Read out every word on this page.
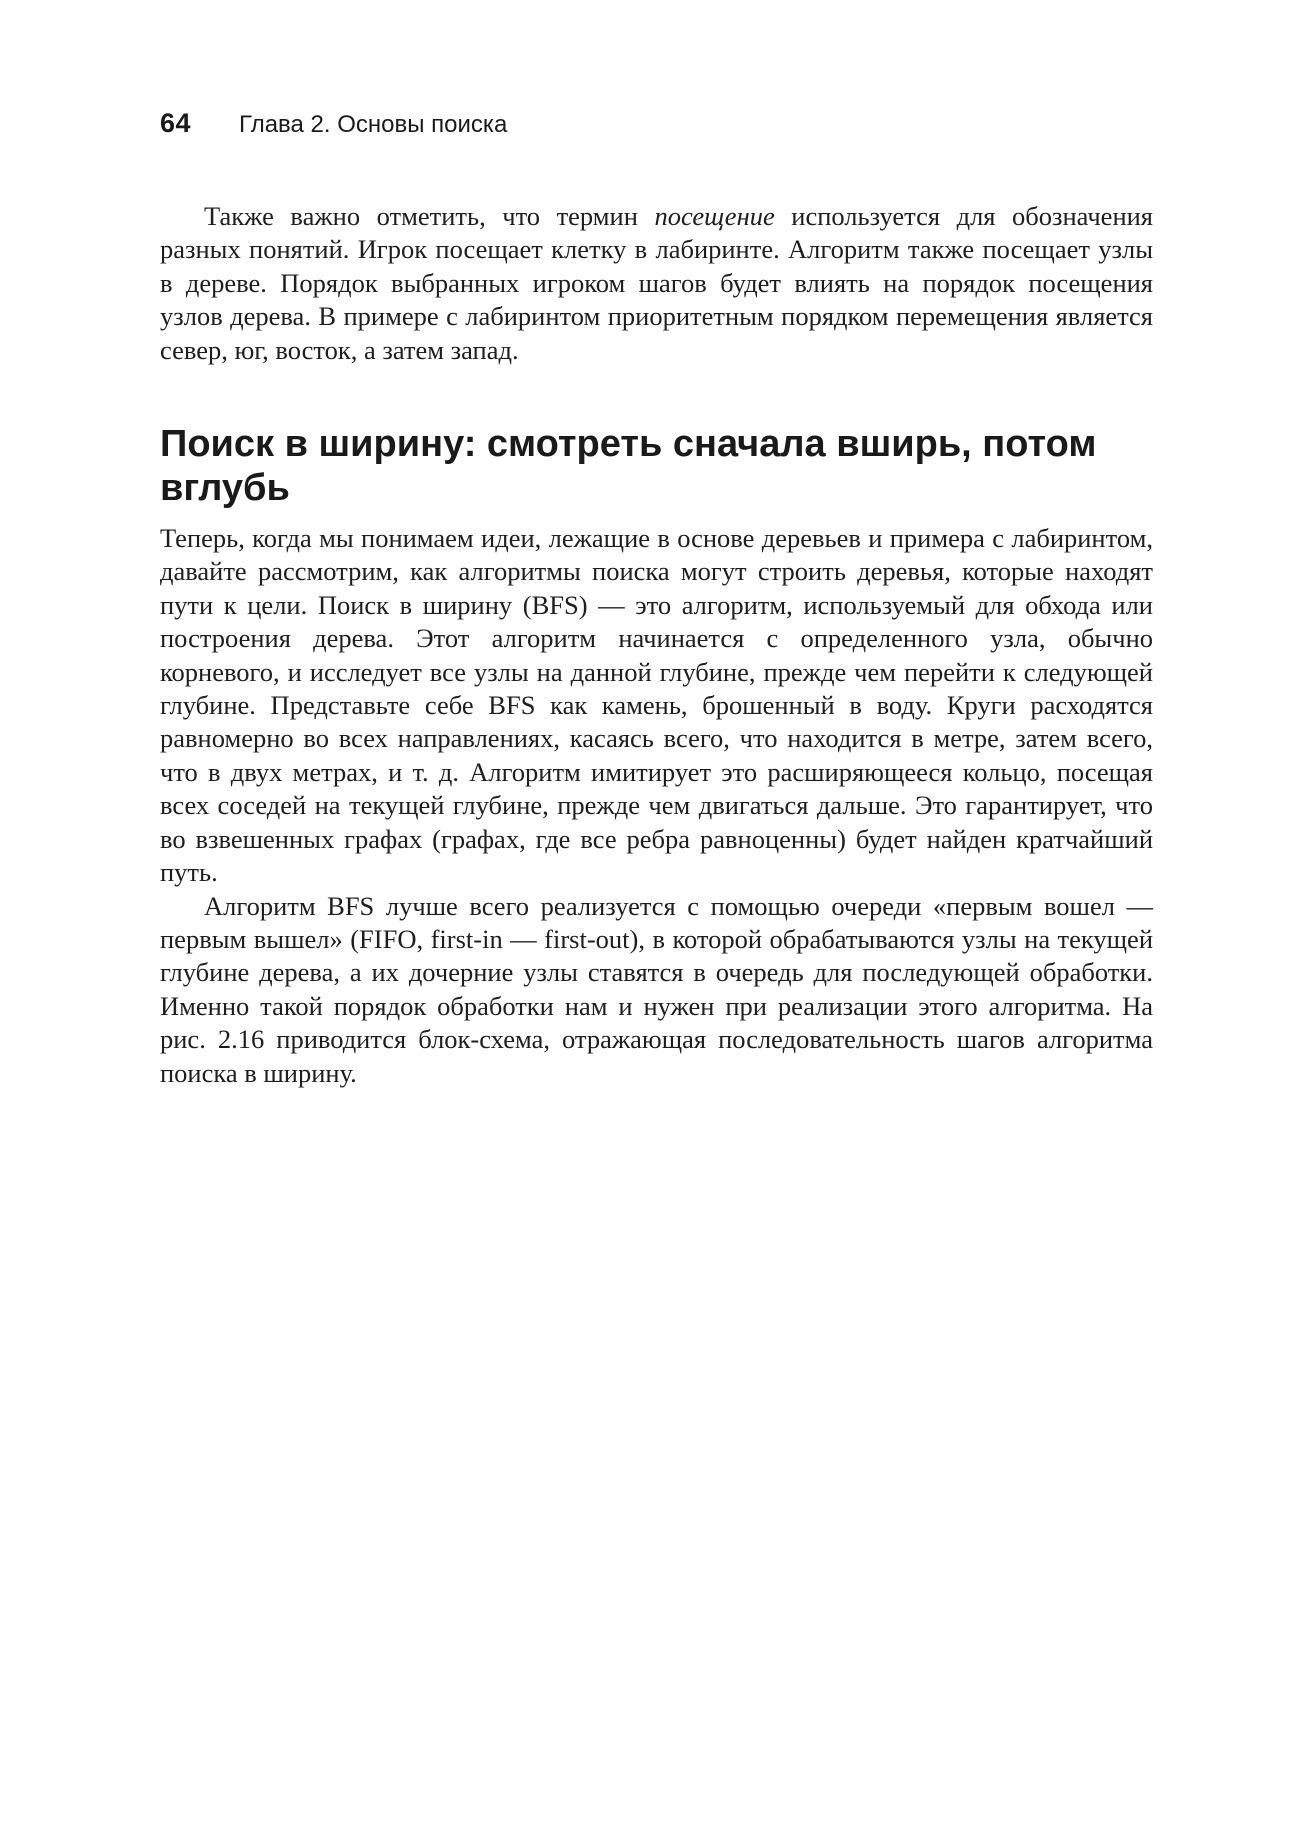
64 Глава 2. Основы поиска

Также важно отметить, что термин посещение используется для обозначения разных понятий. Игрок посещает клетку в лабиринте. Алгоритм также посещает узлы в дереве. Порядок выбранных игроком шагов будет влиять на порядок посещения узлов дерева. В примере с лабиринтом приоритетным порядком перемещения является север, юг, восток, а затем запад.

Поиск в ширину: смотреть сначала вширь, потом вглубь

Теперь, когда мы понимаем идеи, лежащие в основе деревьев и примера с лабиринтом, давайте рассмотрим, как алгоритмы поиска могут строить деревья, которые находят пути к цели. Поиск в ширину (BFS) — это алгоритм, используемый для обхода или построения дерева. Этот алгоритм начинается с определенного узла, обычно корневого, и исследует все узлы на данной глубине, прежде чем перейти к следующей глубине. Представьте себе BFS как камень, брошенный в воду. Круги расходятся равномерно во всех направлениях, касаясь всего, что находится в метре, затем всего, что в двух метрах, и т. д. Алгоритм имитирует это расширяющееся кольцо, посещая всех соседей на текущей глубине, прежде чем двигаться дальше. Это гарантирует, что во взвешенных графах (графах, где все ребра равноценны) будет найден кратчайший путь.

Алгоритм BFS лучше всего реализуется с помощью очереди «первым вошел — первым вышел» (FIFO, first-in — first-out), в которой обрабатываются узлы на текущей глубине дерева, а их дочерние узлы ставятся в очередь для последующей обработки. Именно такой порядок обработки нам и нужен при реализации этого алгоритма. На рис. 2.16 приводится блок-схема, отражающая последовательность шагов алгоритма поиска в ширину.
